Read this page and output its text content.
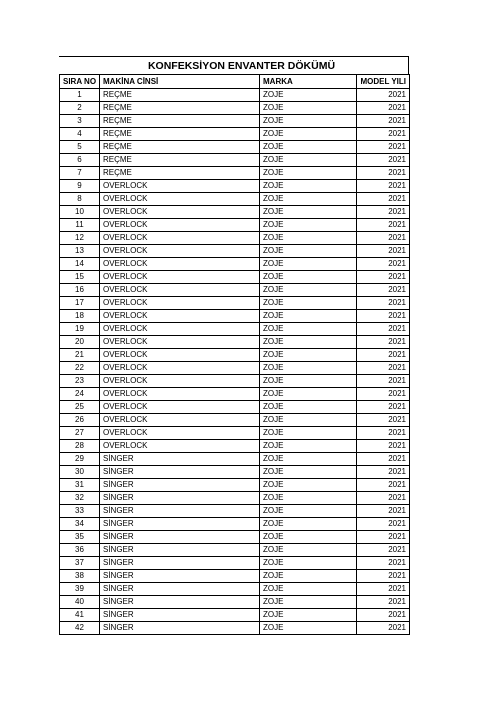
KONFEKSİYON ENVANTER DÖKÜMÜ
SIRA NO	MAKİNA CİNSİ	MARKA	MODEL YILI
1	REÇME	ZOJE	2021
2	REÇME	ZOJE	2021
3	REÇME	ZOJE	2021
4	REÇME	ZOJE	2021
5	REÇME	ZOJE	2021
6	REÇME	ZOJE	2021
7	REÇME	ZOJE	2021
9	OVERLOCK	ZOJE	2021
8	OVERLOCK	ZOJE	2021
10	OVERLOCK	ZOJE	2021
11	OVERLOCK	ZOJE	2021
12	OVERLOCK	ZOJE	2021
13	OVERLOCK	ZOJE	2021
14	OVERLOCK	ZOJE	2021
15	OVERLOCK	ZOJE	2021
16	OVERLOCK	ZOJE	2021
17	OVERLOCK	ZOJE	2021
18	OVERLOCK	ZOJE	2021
19	OVERLOCK	ZOJE	2021
20	OVERLOCK	ZOJE	2021
21	OVERLOCK	ZOJE	2021
22	OVERLOCK	ZOJE	2021
23	OVERLOCK	ZOJE	2021
24	OVERLOCK	ZOJE	2021
25	OVERLOCK	ZOJE	2021
26	OVERLOCK	ZOJE	2021
27	OVERLOCK	ZOJE	2021
28	OVERLOCK	ZOJE	2021
29	SİNGER	ZOJE	2021
30	SİNGER	ZOJE	2021
31	SİNGER	ZOJE	2021
32	SİNGER	ZOJE	2021
33	SİNGER	ZOJE	2021
34	SİNGER	ZOJE	2021
35	SİNGER	ZOJE	2021
36	SİNGER	ZOJE	2021
37	SİNGER	ZOJE	2021
38	SİNGER	ZOJE	2021
39	SİNGER	ZOJE	2021
40	SİNGER	ZOJE	2021
41	SİNGER	ZOJE	2021
42	SİNGER	ZOJE	2021
